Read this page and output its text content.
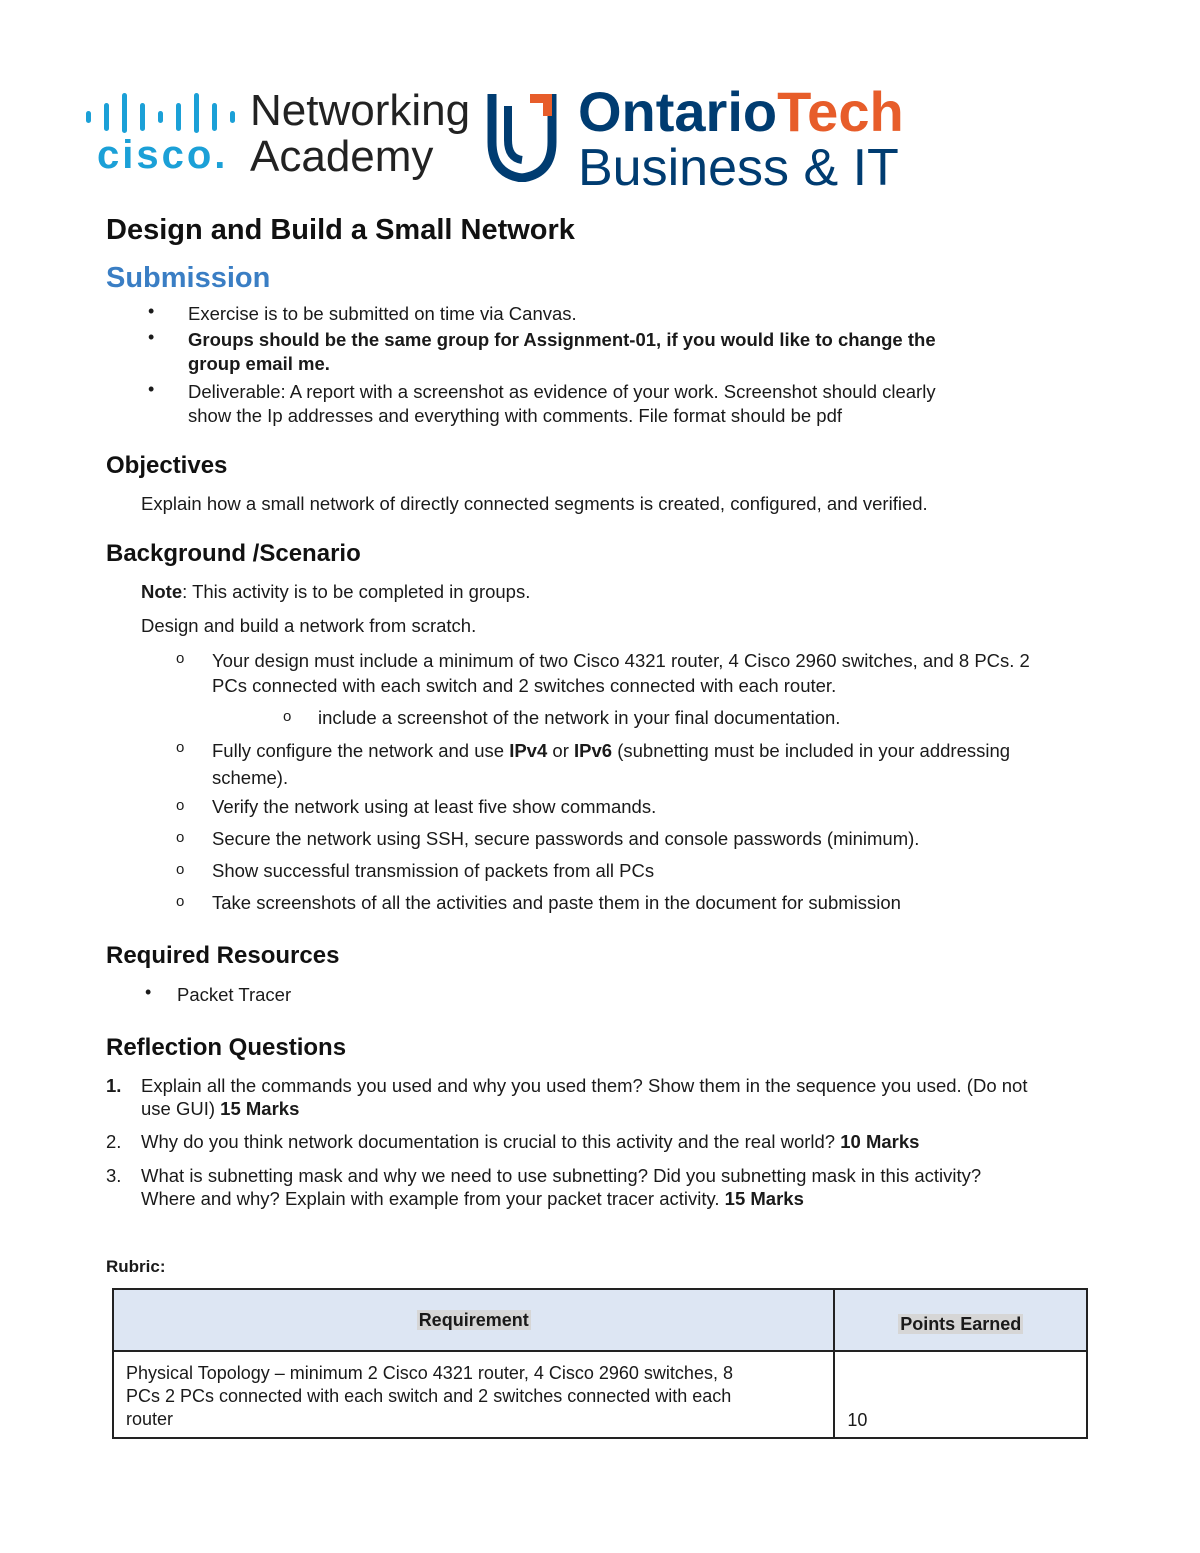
cisco.
Networking
Academy
OntarioTech
Business & IT
Design and Build a Small Network
Submission
• Exercise is to be submitted on time via Canvas.
• Groups should be the same group for Assignment-01, if you would like to change the
group email me.
• Deliverable: A report with a screenshot as evidence of your work. Screenshot should clearly
show the Ip addresses and everything with comments. File format should be pdf
Objectives
Explain how a small network of directly connected segments is created, configured, and verified.
Background /Scenario
Note: This activity is to be completed in groups.
Design and build a network from scratch.
o Your design must include a minimum of two Cisco 4321 router, 4 Cisco 2960 switches, and 8 PCs. 2
PCs connected with each switch and 2 switches connected with each router.
o include a screenshot of the network in your final documentation.
o Fully configure the network and use IPv4 or IPv6 (subnetting must be included in your addressing
scheme).
o Verify the network using at least five show commands.
o Secure the network using SSH, secure passwords and console passwords (minimum).
o Show successful transmission of packets from all PCs
o Take screenshots of all the activities and paste them in the document for submission
Required Resources
• Packet Tracer
Reflection Questions
1. Explain all the commands you used and why you used them? Show them in the sequence you used. (Do not
use GUI) 15 Marks
2. Why do you think network documentation is crucial to this activity and the real world? 10 Marks
3. What is subnetting mask and why we need to use subnetting? Did you subnetting mask in this activity?
Where and why? Explain with example from your packet tracer activity. 15 Marks
Rubric:
Requirement	Points Earned

Physical Topology – minimum 2 Cisco 4321 router, 4 Cisco 2960 switches, 8
PCs 2 PCs connected with each switch and 2 switches connected with each
router	10
